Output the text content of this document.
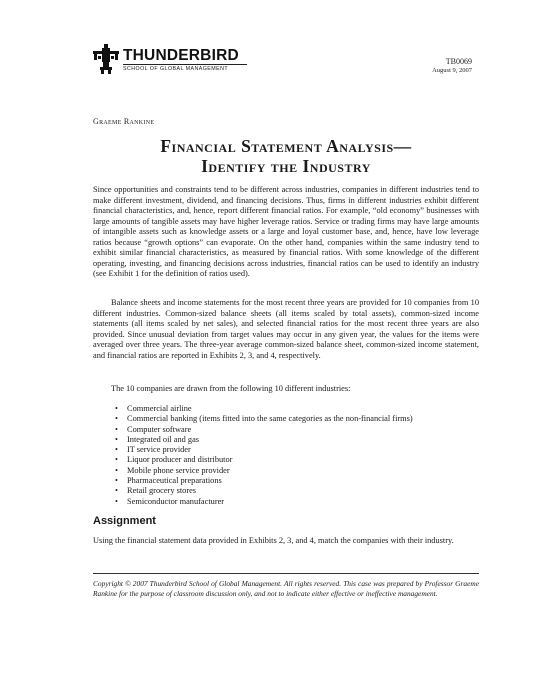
THUNDERBIRD
SCHOOL OF GLOBAL MANAGEMENT
TB0069
August 9, 2007
Graeme Rankine
Financial Statement Analysis—
Identify the Industry

Since opportunities and constraints tend to be different across industries, companies in different industries tend to make different investment, dividend, and financing decisions. Thus, firms in different industries exhibit different financial characteristics, and, hence, report different financial ratios. For example, “old economy” businesses with large amounts of tangible assets may have higher leverage ratios. Service or trading firms may have large amounts of intangible assets such as knowledge assets or a large and loyal customer base, and, hence, have low leverage ratios because “growth options” can evaporate. On the other hand, companies within the same industry tend to exhibit similar financial characteristics, as measured by financial ratios. With some knowledge of the different operating, investing, and financing decisions across industries, financial ratios can be used to identify an industry (see Exhibit 1 for the definition of ratios used).

Balance sheets and income statements for the most recent three years are provided for 10 companies from 10 different industries. Common-sized balance sheets (all items scaled by total assets), common-sized income statements (all items scaled by net sales), and selected financial ratios for the most recent three years are also provided. Since unusual deviation from target values may occur in any given year, the values for the items were averaged over three years. The three-year average common-sized balance sheet, common-sized income statement, and financial ratios are reported in Exhibits 2, 3, and 4, respectively.

The 10 companies are drawn from the following 10 different industries:

• Commercial airline
• Commercial banking (items fitted into the same categories as the non-financial firms)
• Computer software
• Integrated oil and gas
• IT service provider
• Liquor producer and distributor
• Mobile phone service provider
• Pharmaceutical preparations
• Retail grocery stores
• Semiconductor manufacturer
Assignment

Using the financial statement data provided in Exhibits 2, 3, and 4, match the companies with their industry.

Copyright © 2007 Thunderbird School of Global Management. All rights reserved. This case was prepared by Professor Graeme Rankine for the purpose of classroom discussion only, and not to indicate either effective or ineffective management.
